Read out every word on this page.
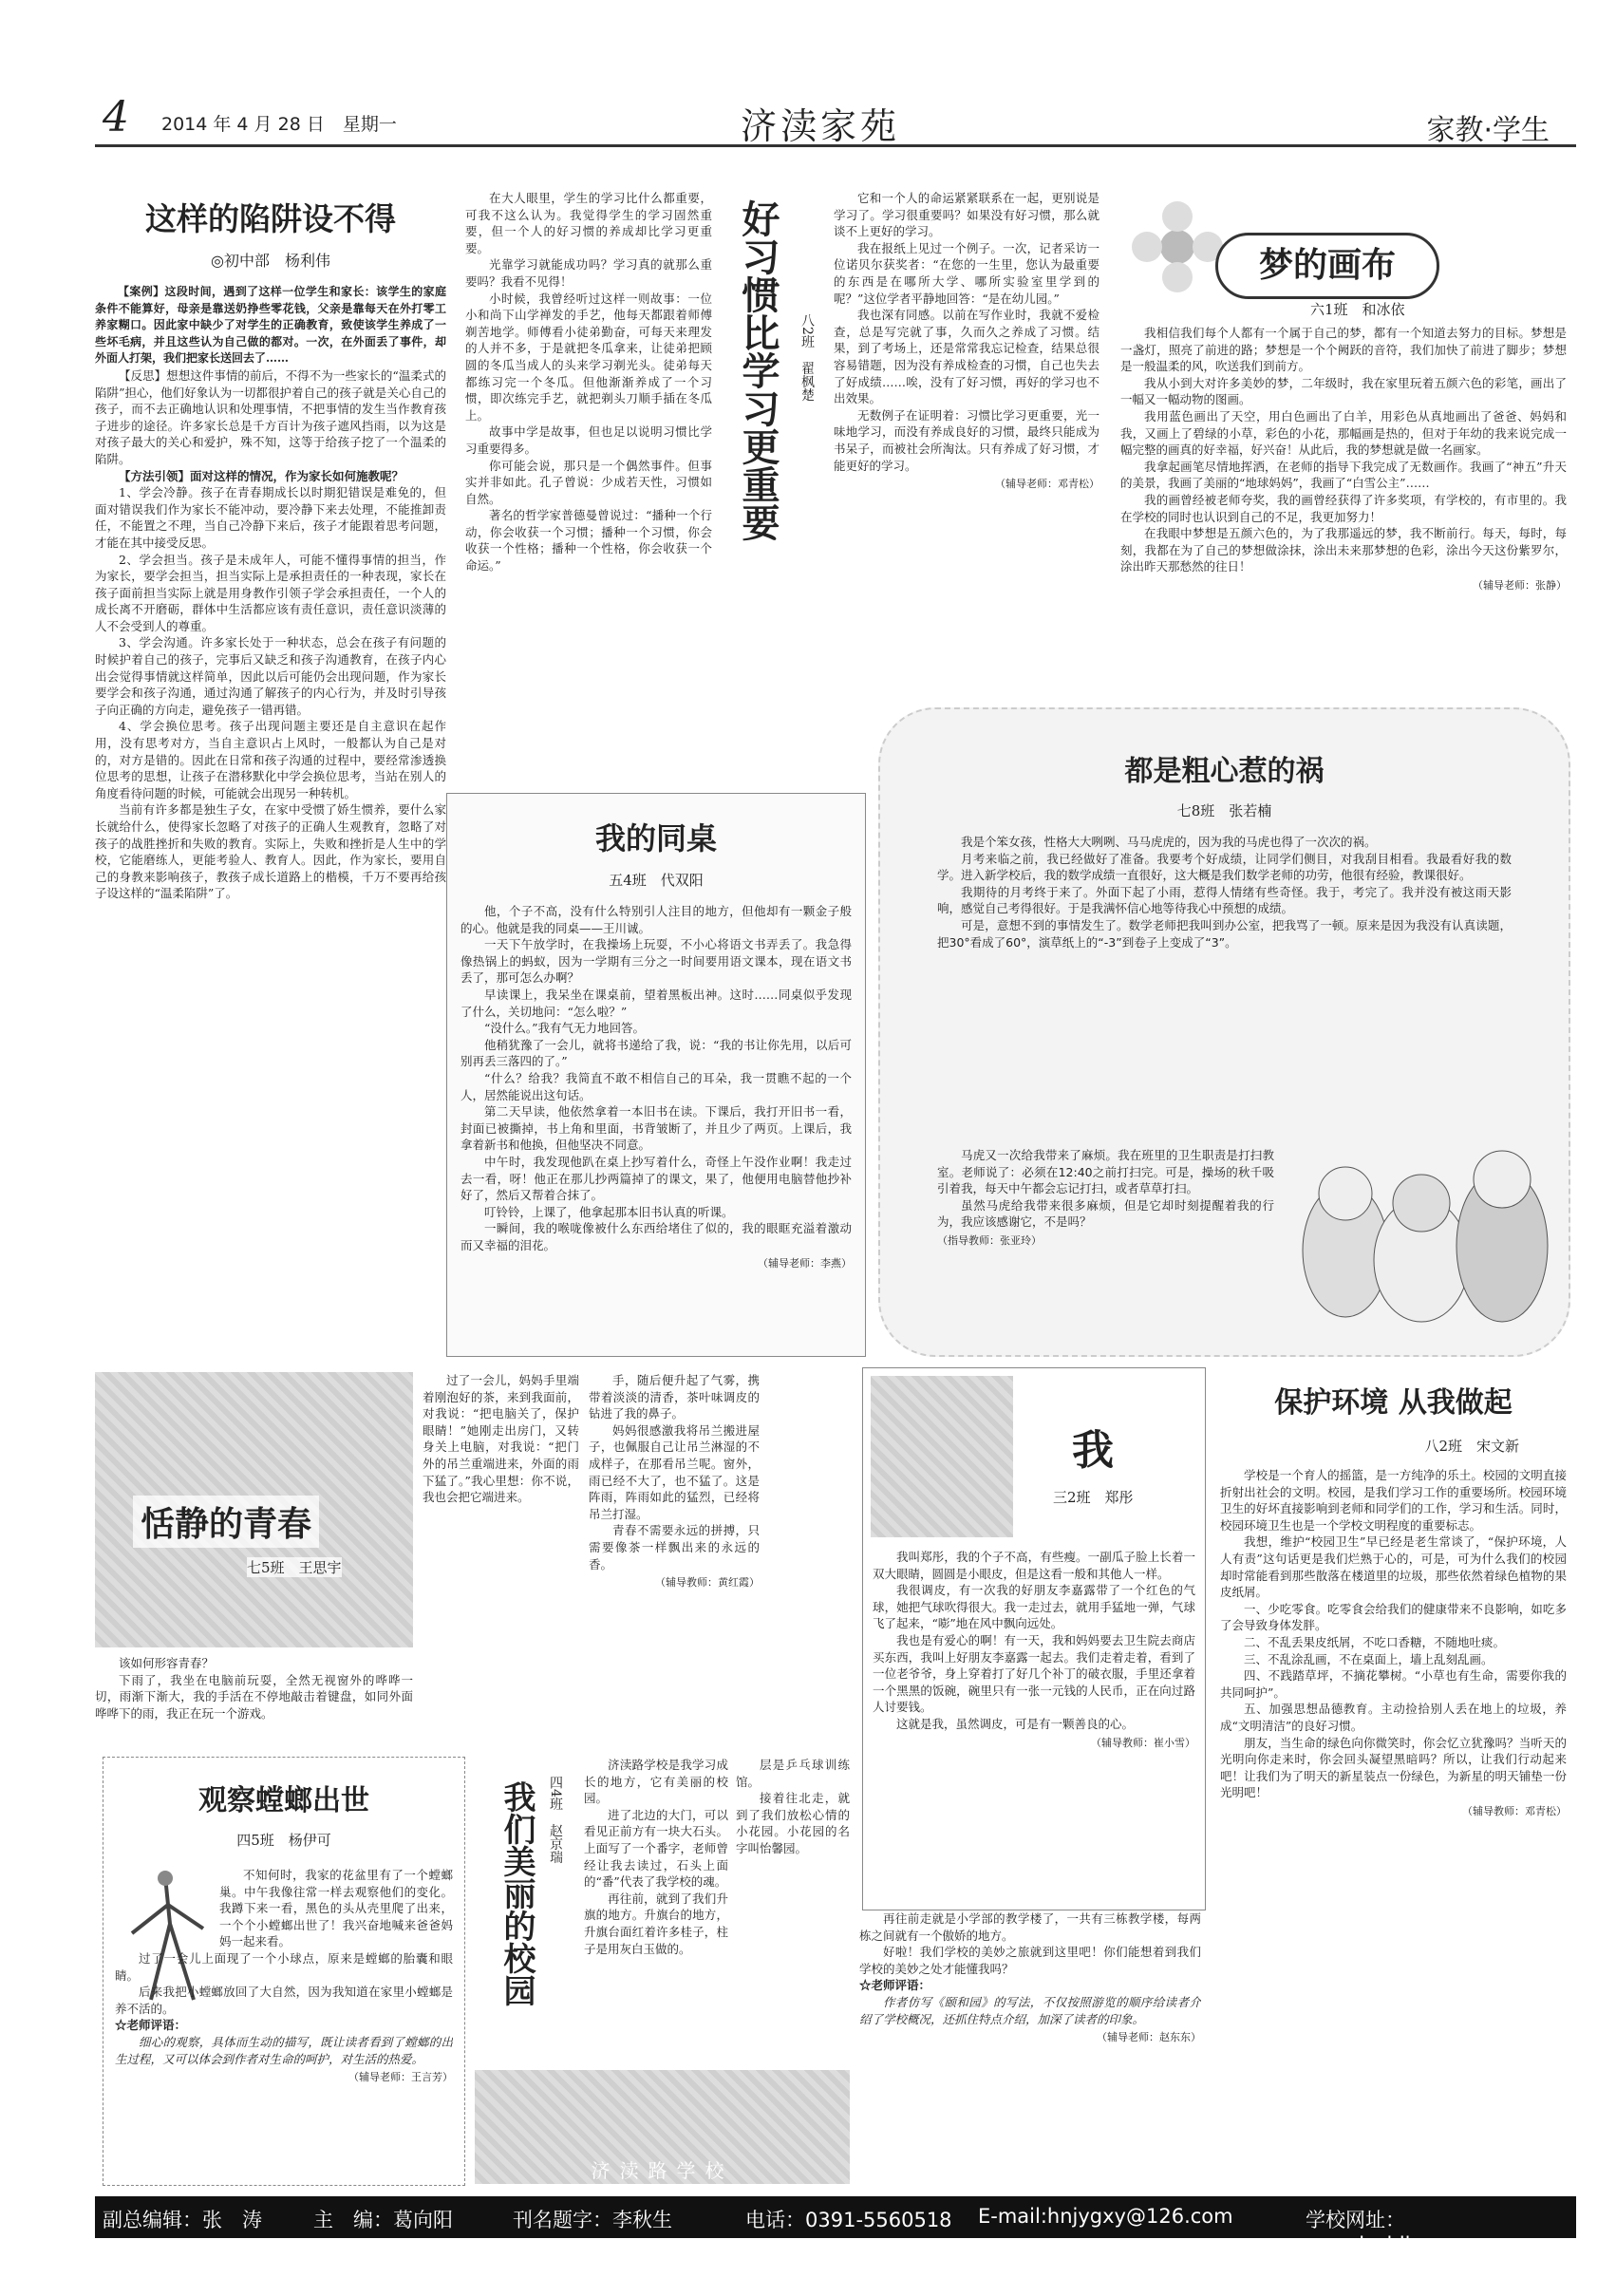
4 2014 年 4 月 28 日　星期一	济渎家苑	家教·学生
这样的陷阱设不得
◎初中部　杨利伟

【案例】这段时间，遇到了这样一位学生和家长：该学生的家庭条件不能算好，母亲是靠送奶挣些零花钱，父亲是靠每天在外打零工养家糊口。因此家中缺少了对学生的正确教育，致使该学生养成了一些坏毛病，并且这些认为自己做的都对。一次，在外面丢了事件，却外面人打架，我们把家长送回去了……

【反思】想想这件事情的前后，不得不为一些家长的“温柔式的陷阱”担心，他们好象认为一切都很护着自己的孩子就是关心自己的孩子，而不去正确地认识和处理事情，不把事情的发生当作教育孩子进步的途径。许多家长总是千方百计为孩子遮风挡雨，以为这是对孩子最大的关心和爱护，殊不知，这等于给孩子挖了一个温柔的陷阱。

【方法引领】面对这样的情况，作为家长如何施教呢？

1、学会冷静。孩子在青春期成长以时期犯错误是难免的，但面对错误我们作为家长不能冲动，要冷静下来去处理，不能推卸责任，不能置之不理，当自己冷静下来后，孩子才能跟着思考问题，才能在其中接受反思。

2、学会担当。孩子是未成年人，可能不懂得事情的担当，作为家长，要学会担当，担当实际上是承担责任的一种表现，家长在孩子面前担当实际上就是用身教作引领子学会承担责任，一个人的成长离不开磨砺，群体中生活都应该有责任意识，责任意识淡薄的人不会受到人的尊重。

3、学会沟通。许多家长处于一种状态，总会在孩子有问题的时候护着自己的孩子，完事后又缺乏和孩子沟通教育，在孩子内心出会觉得事情就这样简单，因此以后可能仍会出现问题，作为家长要学会和孩子沟通，通过沟通了解孩子的内心行为，并及时引导孩子向正确的方向走，避免孩子一错再错。

4、学会换位思考。孩子出现问题主要还是自主意识在起作用，没有思考对方，当自主意识占上风时，一般都认为自己是对的，对方是错的。因此在日常和孩子沟通的过程中，要经常渗透换位思考的思想，让孩子在潜移默化中学会换位思考，当站在别人的角度看待问题的时候，可能就会出现另一种转机。

当前有许多都是独生子女，在家中受惯了娇生惯养，要什么家长就给什么，使得家长忽略了对孩子的正确人生观教育，忽略了对孩子的战胜挫折和失败的教育。实际上，失败和挫折是人生中的学校，它能磨练人，更能考验人、教育人。因此，作为家长，要用自己的身教来影响孩子，教孩子成长道路上的楷模，千万不要再给孩子设这样的“温柔陷阱”了。

在大人眼里，学生的学习比什么都重要，可我不这么认为。我觉得学生的学习固然重要，但一个人的好习惯的养成却比学习更重要。

光靠学习就能成功吗？学习真的就那么重要吗？我看不见得！

小时候，我曾经听过这样一则故事：一位小和尚下山学禅发的手艺，他每天都跟着师傅剃苦地学。师傅看小徒弟勤奋，可每天来理发的人并不多，于是就把冬瓜拿来，让徒弟把顾圆的冬瓜当成人的头来学习剃光头。徒弟每天都练习完一个冬瓜。但他渐渐养成了一个习惯，即次练完手艺，就把剃头刀顺手插在冬瓜上。

故事中学是故事，但也足以说明习惯比学习重要得多。

你可能会说，那只是一个偶然事件。但事实并非如此。孔子曾说：少成若天性，习惯如自然。

著名的哲学家普德曼曾说过：“播种一个行动，你会收获一个习惯；播种一个习惯，你会收获一个性格；播种一个性格，你会收获一个命运。”

好习惯比学习更重要	八2班　翟枫楚

它和一个人的命运紧紧联系在一起，更别说是学习了。学习很重要吗？如果没有好习惯，那么就谈不上更好的学习。

我在报纸上见过一个例子。一次，记者采访一位诺贝尔获奖者：“在您的一生里，您认为最重要的东西是在哪所大学、哪所实验室里学到的呢？”这位学者平静地回答：“是在幼儿园。”

我也深有同感。以前在写作业时，我就不爱检查，总是写完就了事，久而久之养成了习惯。结果，到了考场上，还是常常我忘记检查，结果总很容易错题，因为没有养成检查的习惯，自己也失去了好成绩……唉，没有了好习惯，再好的学习也不出效果。

无数例子在证明着：习惯比学习更重要，光一味地学习，而没有养成良好的习惯，最终只能成为书呆子，而被社会所淘汰。只有养成了好习惯，才能更好的学习。

（辅导老师：邓青松）
梦的画布
六1班　和冰依

我相信我们每个人都有一个属于自己的梦，都有一个知道去努力的目标。梦想是一盏灯，照亮了前进的路；梦想是一个个阙跃的音符，我们加快了前进了脚步；梦想是一般温柔的风，吹送我们到前方。

我从小到大对许多美妙的梦，二年级时，我在家里玩着五颜六色的彩笔，画出了一幅又一幅动物的图画。

我用蓝色画出了天空，用白色画出了白羊，用彩色从真地画出了爸爸、妈妈和我，又画上了碧绿的小草，彩色的小花，那幅画是热的，但对于年幼的我来说完成一幅完整的画真的好幸福，好兴奋！从此后，我的梦想就是做一名画家。

我拿起画笔尽情地挥洒，在老师的指导下我完成了无数画作。我画了“神五”升天的美景，我画了美丽的“地球妈妈”，我画了“白雪公主”……

我的画曾经被老师夸奖，我的画曾经获得了许多奖项，有学校的，有市里的。我在学校的同时也认识到自己的不足，我更加努力！

在我眼中梦想是五颜六色的，为了我那遥远的梦，我不断前行。每天，每时，每刻，我都在为了自己的梦想做涂抹，涂出未来那梦想的色彩，涂出今天这份紫罗尔，涂出昨天那愁然的往日！

（辅导老师：张静）
我的同桌
五4班　代双阳

他，个子不高，没有什么特别引人注目的地方，但他却有一颗金子般的心。他就是我的同桌——王川诚。

一天下午放学时，在我操场上玩耍，不小心将语文书弄丢了。我急得像热锅上的蚂蚁，因为一学期有三分之一时间要用语文课本，现在语文书丢了，那可怎么办啊？

早读课上，我呆坐在课桌前，望着黑板出神。这时……同桌似乎发现了什么，关切地问：“怎么啦？”

“没什么。”我有气无力地回答。

他稍犹豫了一会儿，就将书递给了我，说：“我的书让你先用，以后可别再丢三落四的了。”

“什么？给我？我简直不敢不相信自己的耳朵，我一贯瞧不起的一个人，居然能说出这句话。

第二天早读，他依然拿着一本旧书在读。下课后，我打开旧书一看，封面已被撕掉，书上角和里面，书背皱断了，并且少了两页。上课后，我拿着新书和他换，但他坚决不同意。

中午时，我发现他趴在桌上抄写着什么，奇怪上午没作业啊！我走过去一看，呀！他正在那儿抄两篇掉了的课文，果了，他便用电脑替他抄补好了，然后又帮着合抹了。

叮铃铃，上课了，他拿起那本旧书认真的听课。

一瞬间，我的喉咙像被什么东西给堵住了似的，我的眼眶充溢着激动而又幸福的泪花。

（辅导老师：李燕）
都是粗心惹的祸
七8班　张若楠

我是个笨女孩，性格大大咧咧、马马虎虎的，因为我的马虎也得了一次次的祸。

月考来临之前，我已经做好了准备。我要考个好成绩，让同学们侧目，对我刮目相看。我最看好我的数学。进入新学校后，我的数学成绩一直很好，这大概是我们数学老师的功劳，他很有经验，教课很好。

我期待的月考终于来了。外面下起了小雨，惹得人情绪有些奇怪。我于，考完了。我并没有被这雨天影响，感觉自己考得很好。于是我满怀信心地等待我心中预想的成绩。

可是，意想不到的事情发生了。数学老师把我叫到办公室，把我骂了一顿。原来是因为我没有认真读题，把30°看成了60°，演草纸上的“-3”到卷子上变成了“3”。

马虎又一次给我带来了麻烦。我在班里的卫生职责是打扫教室。老师说了：必须在12:40之前打扫完。可是，操场的秋千吸引着我，每天中午都会忘记打扫，或者草草打扫。

虽然马虎给我带来很多麻烦，但是它却时刻提醒着我的行为，我应该感谢它，不是吗？

（指导教师：张亚玲）
恬静的青春
七5班　王思宇

该如何形容青春？

下雨了，我坐在电脑前玩耍，全然无视窗外的哗哗一切，雨渐下渐大，我的手活在不停地敲击着键盘，如同外面哗哗下的雨，我正在玩一个游戏。

过了一会儿，妈妈手里端着刚泡好的茶，来到我面前，对我说：“把电脑关了，保护眼睛！”她刚走出房门，又转身关上电脑，对我说：“把门外的吊兰重端进来，外面的雨下猛了。”我心里想：你不说，我也会把它端进来。

手，随后便升起了气雾，携带着淡淡的清香，茶叶味调皮的钻进了我的鼻子。

妈妈很感激我将吊兰搬进屋子，也佩服自己让吊兰淋湿的不成样子，在那看吊兰呢。窗外，雨已经不大了，也不猛了。这是阵雨，阵雨如此的猛烈，已经将吊兰打湿。

青春不需要永远的拼搏，只需要像茶一样飘出来的永远的香。

（辅导教师：黄红霞）
我
三2班　郑彤

我叫郑彤，我的个子不高，有些瘦。一副瓜子脸上长着一双大眼睛，圆圆是小眼皮，但是这看一般和其他人一样。

我很调皮，有一次我的好朋友李嘉露带了一个红色的气球，她把气球吹得很大。我一走过去，就用手猛地一弹，气球飞了起来，“嘭”地在风中飘向远处。

我也是有爱心的啊！有一天，我和妈妈要去卫生院去商店买东西，我叫上好朋友李嘉露一起去。我们走着走着，看到了一位老爷爷，身上穿着打了好几个补丁的破衣服，手里还拿着一个黑黑的饭碗，碗里只有一张一元钱的人民币，正在向过路人讨要钱。

这就是我，虽然调皮，可是有一颗善良的心。

（辅导教师：崔小雪）
保护环境 从我做起
八2班　宋文新

学校是一个育人的摇篮，是一方纯净的乐土。校园的文明直接折射出社会的文明。校园，是我们学习工作的重要场所。校园环境卫生的好坏直接影响到老师和同学们的工作，学习和生活。同时，校园环境卫生也是一个学校文明程度的重要标志。

我想，维护“校园卫生”早已经是老生常谈了，“保护环境，人人有责”这句话更是我们烂熟于心的，可是，可为什么我们的校园却时常能看到那些散落在楼道里的垃圾，那些依然着绿色植物的果皮纸屑。

一、少吃零食。吃零食会给我们的健康带来不良影响，如吃多了会导致身体发胖。

二、不乱丢果皮纸屑，不吃口香糖，不随地吐痰。

三、不乱涂乱画，不在桌面上，墙上乱刻乱画。

四、不践踏草坪，不摘花攀树。“小草也有生命，需要你我的共同呵护”。

五、加强思想品德教育。主动捡拾别人丢在地上的垃圾，养成“文明清洁”的良好习惯。

朋友，当生命的绿色向你微笑时，你会忆立犹豫吗？当听天的光明向你走来时，你会回头凝望黑暗吗？所以，让我们行动起来吧！让我们为了明天的新星装点一份绿色，为新星的明天铺垫一份光明吧！

（辅导教师：邓青松）
观察螳螂出世
四5班　杨伊可

不知何时，我家的花盆里有了一个螳螂巢。中午我像往常一样去观察他们的变化。我蹲下来一看，黑色的头从壳里爬了出来，一个个小螳螂出世了！我兴奋地喊来爸爸妈妈一起来看。

过了一会儿上面现了一个小球点，原来是螳螂的胎囊和眼睛。

后来我把小螳螂放回了大自然，因为我知道在家里小螳螂是养不活的。

☆老师评语：

细心的观察，具体而生动的描写，既让读者看到了螳螂的出生过程，又可以体会到作者对生命的呵护，对生活的热爱。

（辅导老师：王言芳）
我们美丽的校园 四4班　赵京瑞

济渎路学校是我学习成长的地方，它有美丽的校园。

进了北边的大门，可以看见正前方有一块大石头。上面写了一个番字，老师曾经让我去读过，石头上面的“番”代表了我学校的魂。

再往前，就到了我们升旗的地方。升旗台的地方，升旗台面红着许多桂子，柱子是用灰白玉做的。

层是乒乓球训练馆。

接着往北走，就到了我们放松心情的小花园。小花园的名字叫怡馨园。

再往前走就是小学部的教学楼了，一共有三栋教学楼，每两栋之间就有一个傲娇的地方。

好啦！我们学校的美妙之旅就到这里吧！你们能想着到我们学校的美妙之处才能懂我吗？

☆老师评语：

作者仿写《颐和园》的写法，不仅按照游览的顺序给读者介绍了学校概况，还抓住特点介绍，加深了读者的印象。

（辅导老师：赵东东）
济渎路学校
副总编辑：张　涛	主　编：葛向阳	刊名题字：李秋生	电话：0391-5560518 E-mail:hnjygxy@126.com	学校网址：www.jysjdlxx.com
